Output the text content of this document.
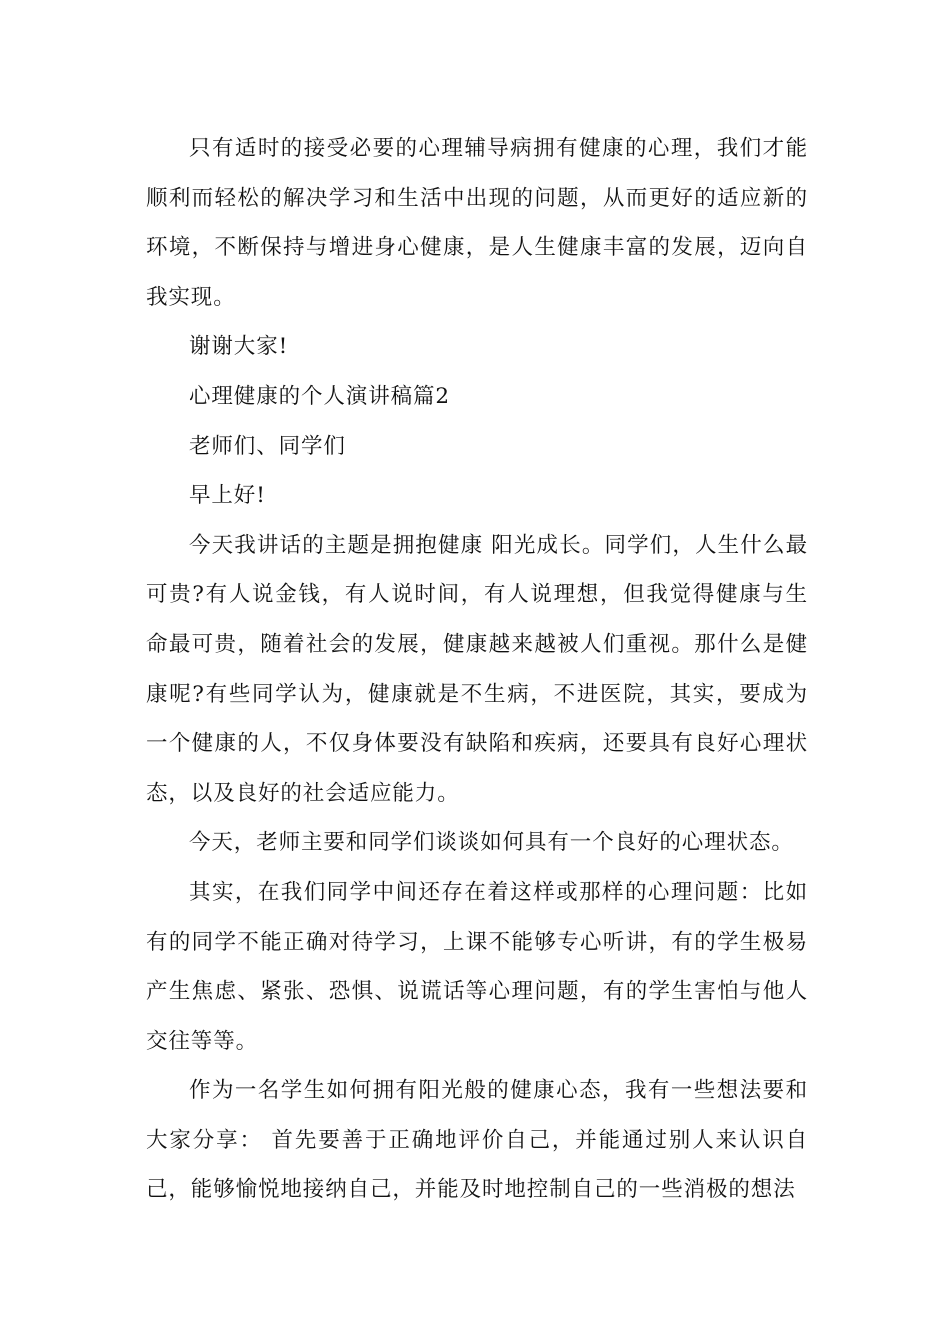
只有适时的接受必要的心理辅导病拥有健康的心理，我们才能顺利而轻松的解决学习和生活中出现的问题，从而更好的适应新的环境，不断保持与增进身心健康，是人生健康丰富的发展，迈向自我实现。

谢谢大家!

心理健康的个人演讲稿篇2

老师们、同学们

早上好!

今天我讲话的主题是拥抱健康 阳光成长。同学们，人生什么最可贵?有人说金钱，有人说时间，有人说理想，但我觉得健康与生命最可贵，随着社会的发展，健康越来越被人们重视。那什么是健康呢?有些同学认为，健康就是不生病，不进医院，其实，要成为一个健康的人，不仅身体要没有缺陷和疾病，还要具有良好心理状态，以及良好的社会适应能力。

今天，老师主要和同学们谈谈如何具有一个良好的心理状态。

其实，在我们同学中间还存在着这样或那样的心理问题：比如有的同学不能正确对待学习，上课不能够专心听讲，有的学生极易产生焦虑、紧张、恐惧、说谎话等心理问题，有的学生害怕与他人交往等等。

作为一名学生如何拥有阳光般的健康心态，我有一些想法要和大家分享： 首先要善于正确地评价自己，并能通过别人来认识自己，能够愉悦地接纳自己，并能及时地控制自己的一些消极的想法
